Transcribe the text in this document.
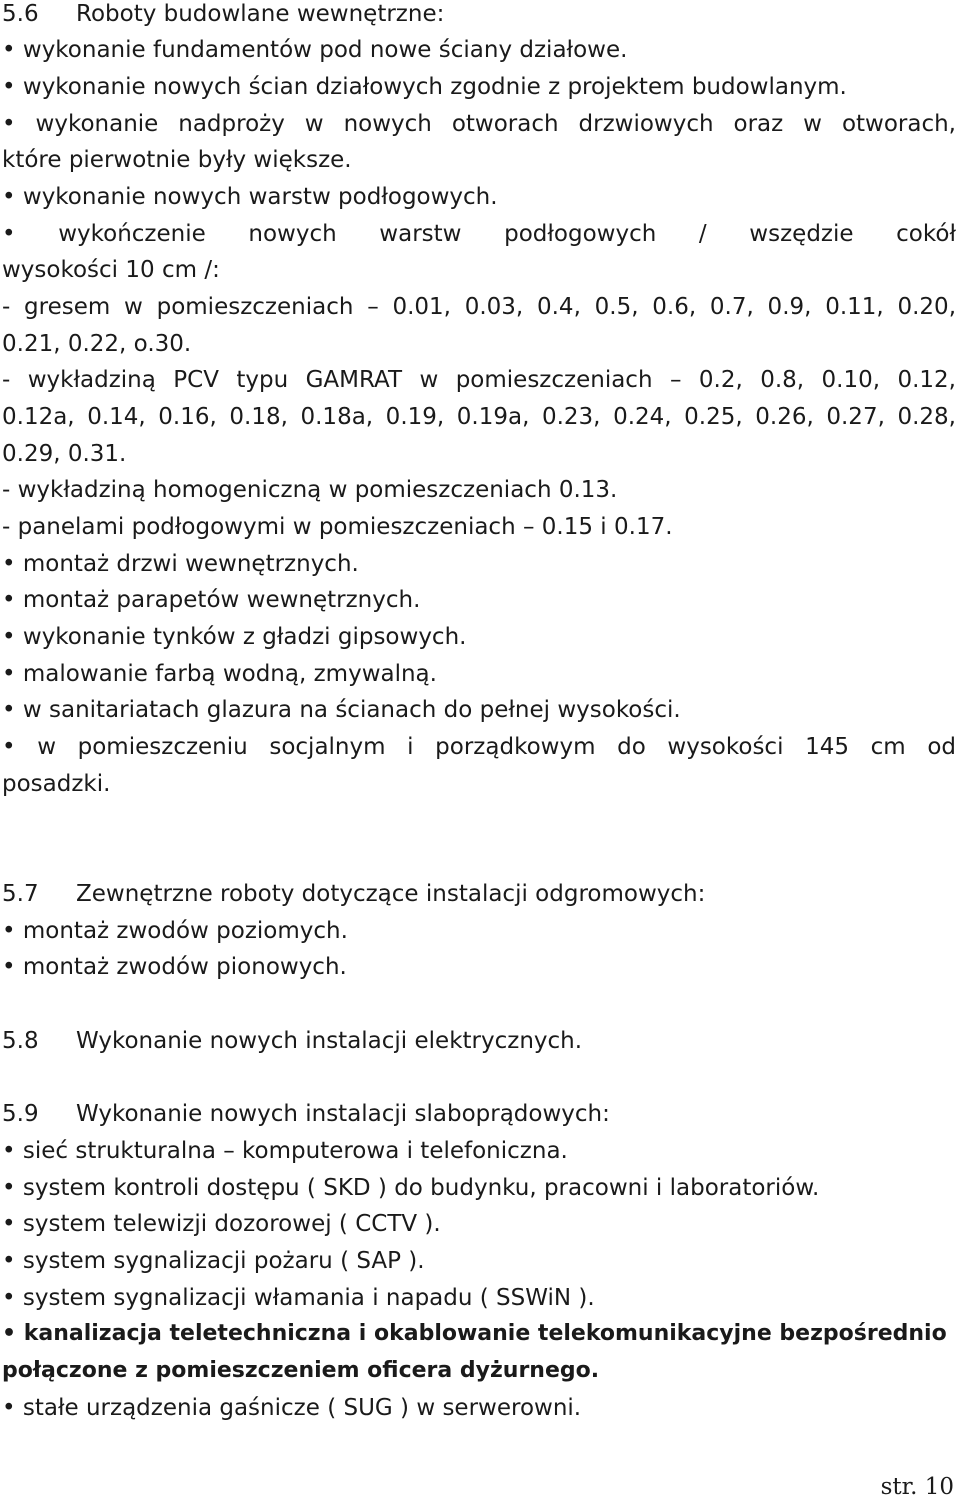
5.6 Roboty budowlane wewnętrzne:
• wykonanie fundamentów pod nowe ściany działowe.
• wykonanie nowych ścian działowych zgodnie z projektem budowlanym.
• wykonanie nadproży w nowych otworach drzwiowych oraz w otworach,
które pierwotnie były większe.
• wykonanie nowych warstw podłogowych.
• wykończenie nowych warstw podłogowych / wszędzie cokół
wysokości 10 cm /:
- gresem w pomieszczeniach – 0.01, 0.03, 0.4, 0.5, 0.6, 0.7, 0.9, 0.11, 0.20,
0.21, 0.22, o.30.
- wykładziną PCV typu GAMRAT w pomieszczeniach – 0.2, 0.8, 0.10, 0.12,
0.12a, 0.14, 0.16, 0.18, 0.18a, 0.19, 0.19a, 0.23, 0.24, 0.25, 0.26, 0.27, 0.28,
0.29, 0.31.
- wykładziną homogeniczną w pomieszczeniach 0.13.
- panelami podłogowymi w pomieszczeniach – 0.15 i 0.17.
• montaż drzwi wewnętrznych.
• montaż parapetów wewnętrznych.
• wykonanie tynków z gładzi gipsowych.
• malowanie farbą wodną, zmywalną.
• w sanitariatach glazura na ścianach do pełnej wysokości.
• w pomieszczeniu socjalnym i porządkowym do wysokości 145 cm od
posadzki.
5.7 Zewnętrzne roboty dotyczące instalacji odgromowych:
• montaż zwodów poziomych.
• montaż zwodów pionowych.
5.8 Wykonanie nowych instalacji elektrycznych.
5.9 Wykonanie nowych instalacji slaboprądowych:
• sieć strukturalna – komputerowa i telefoniczna.
• system kontroli dostępu ( SKD ) do budynku, pracowni i laboratoriów.
• system telewizji dozorowej ( CCTV ).
• system sygnalizacji pożaru ( SAP ).
• system sygnalizacji włamania i napadu ( SSWiN ).
• kanalizacja teletechniczna i okablowanie telekomunikacyjne bezpośrednio
połączone z pomieszczeniem oficera dyżurnego.
• stałe urządzenia gaśnicze ( SUG ) w serwerowni.
str. 10
